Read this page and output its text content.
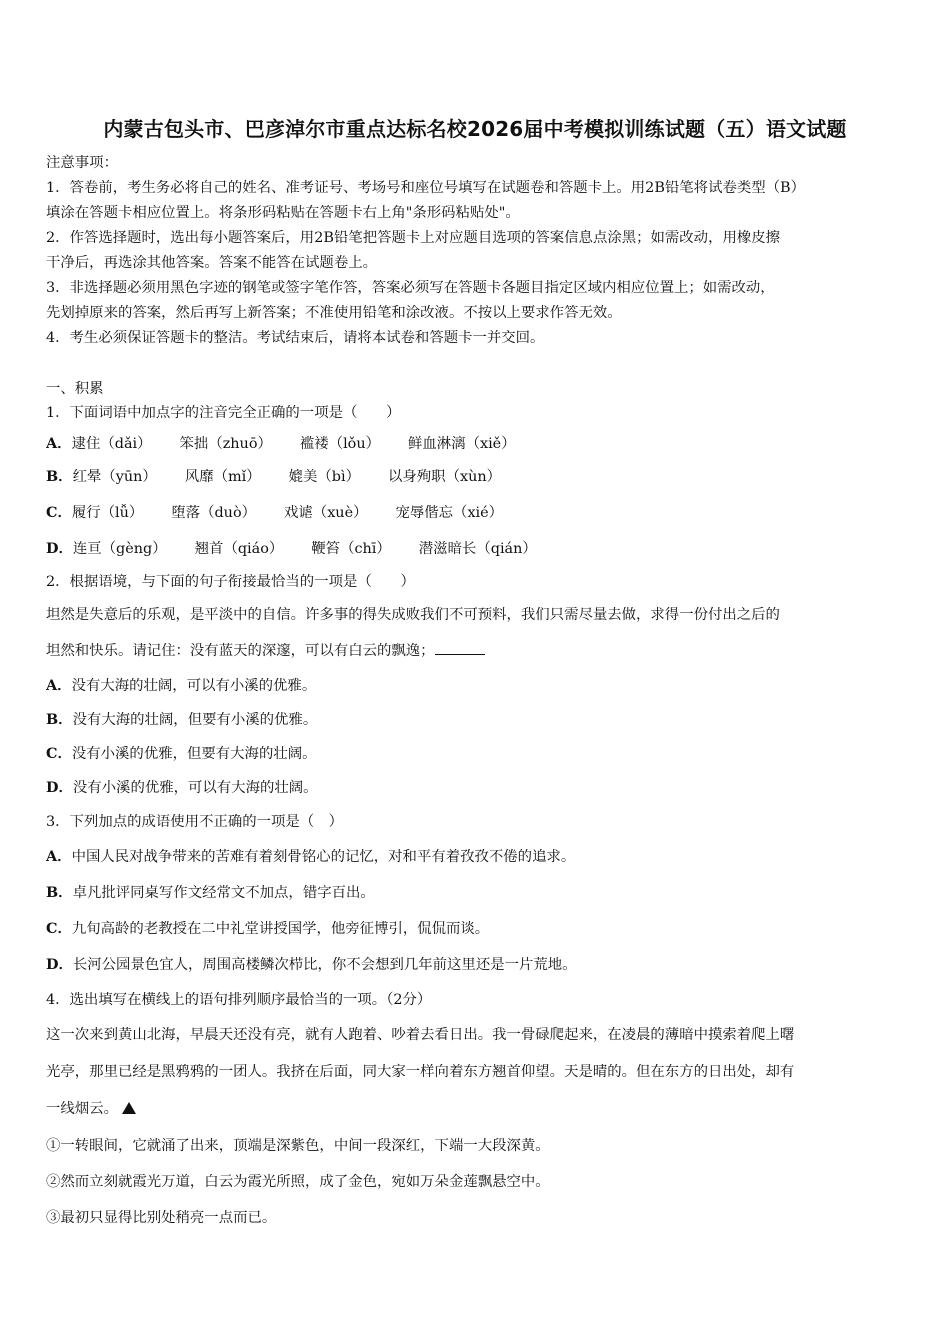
内蒙古包头市、巴彦淖尔市重点达标名校2026届中考模拟训练试题（五）语文试题
注意事项：
1．答卷前，考生务必将自己的姓名、准考证号、考场号和座位号填写在试题卷和答题卡上。用2B铅笔将试卷类型（B）
填涂在答题卡相应位置上。将条形码粘贴在答题卡右上角"条形码粘贴处"。
2．作答选择题时，选出每小题答案后，用2B铅笔把答题卡上对应题目选项的答案信息点涂黑；如需改动，用橡皮擦
干净后，再选涂其他答案。答案不能答在试题卷上。
3．非选择题必须用黑色字迹的钢笔或签字笔作答，答案必须写在答题卡各题目指定区域内相应位置上；如需改动，
先划掉原来的答案，然后再写上新答案；不准使用铅笔和涂改液。不按以上要求作答无效。
4．考生必须保证答题卡的整洁。考试结束后，请将本试卷和答题卡一并交回。
一、积累
1．下面词语中加点字的注音完全正确的一项是（　　）
A．逮住（dǎi） 笨拙（zhuō） 褴褛（lǒu） 鲜血淋漓（xiě）
B．红晕（yūn） 风靡（mǐ） 媲美（bì） 以身殉职（xùn）
C．履行（lǚ） 堕落（duò） 戏谑（xuè） 宠辱偕忘（xié）
D．连亘（gèng） 翘首（qiáo） 鞭笞（chī） 潜滋暗长（qián）
2．根据语境，与下面的句子衔接最恰当的一项是（　　）
坦然是失意后的乐观，是平淡中的自信。许多事的得失成败我们不可预料，我们只需尽量去做，求得一份付出之后的
坦然和快乐。请记住：没有蓝天的深邃，可以有白云的飘逸；
A．没有大海的壮阔，可以有小溪的优雅。
B．没有大海的壮阔，但要有小溪的优雅。
C．没有小溪的优雅，但要有大海的壮阔。
D．没有小溪的优雅，可以有大海的壮阔。
3．下列加点的成语使用不正确的一项是（　）
A．中国人民对战争带来的苦难有着刻骨铭心的记忆，对和平有着孜孜不倦的追求。
B．卓凡批评同桌写作文经常文不加点，错字百出。
C．九旬高龄的老教授在二中礼堂讲授国学，他旁征博引，侃侃而谈。
D．长河公园景色宜人，周围高楼鳞次栉比，你不会想到几年前这里还是一片荒地。
4．选出填写在横线上的语句排列顺序最恰当的一项。（2分）
这一次来到黄山北海，早晨天还没有亮，就有人跑着、吵着去看日出。我一骨碌爬起来，在凌晨的薄暗中摸索着爬上曙
光亭，那里已经是黑鸦鸦的一团人。我挤在后面，同大家一样向着东方翘首仰望。天是晴的。但在东方的日出处，却有
一线烟云。
①一转眼间，它就涌了出来，顶端是深紫色，中间一段深红，下端一大段深黄。
②然而立刻就霞光万道，白云为霞光所照，成了金色，宛如万朵金莲飘悬空中。
③最初只显得比别处稍亮一点而已。
